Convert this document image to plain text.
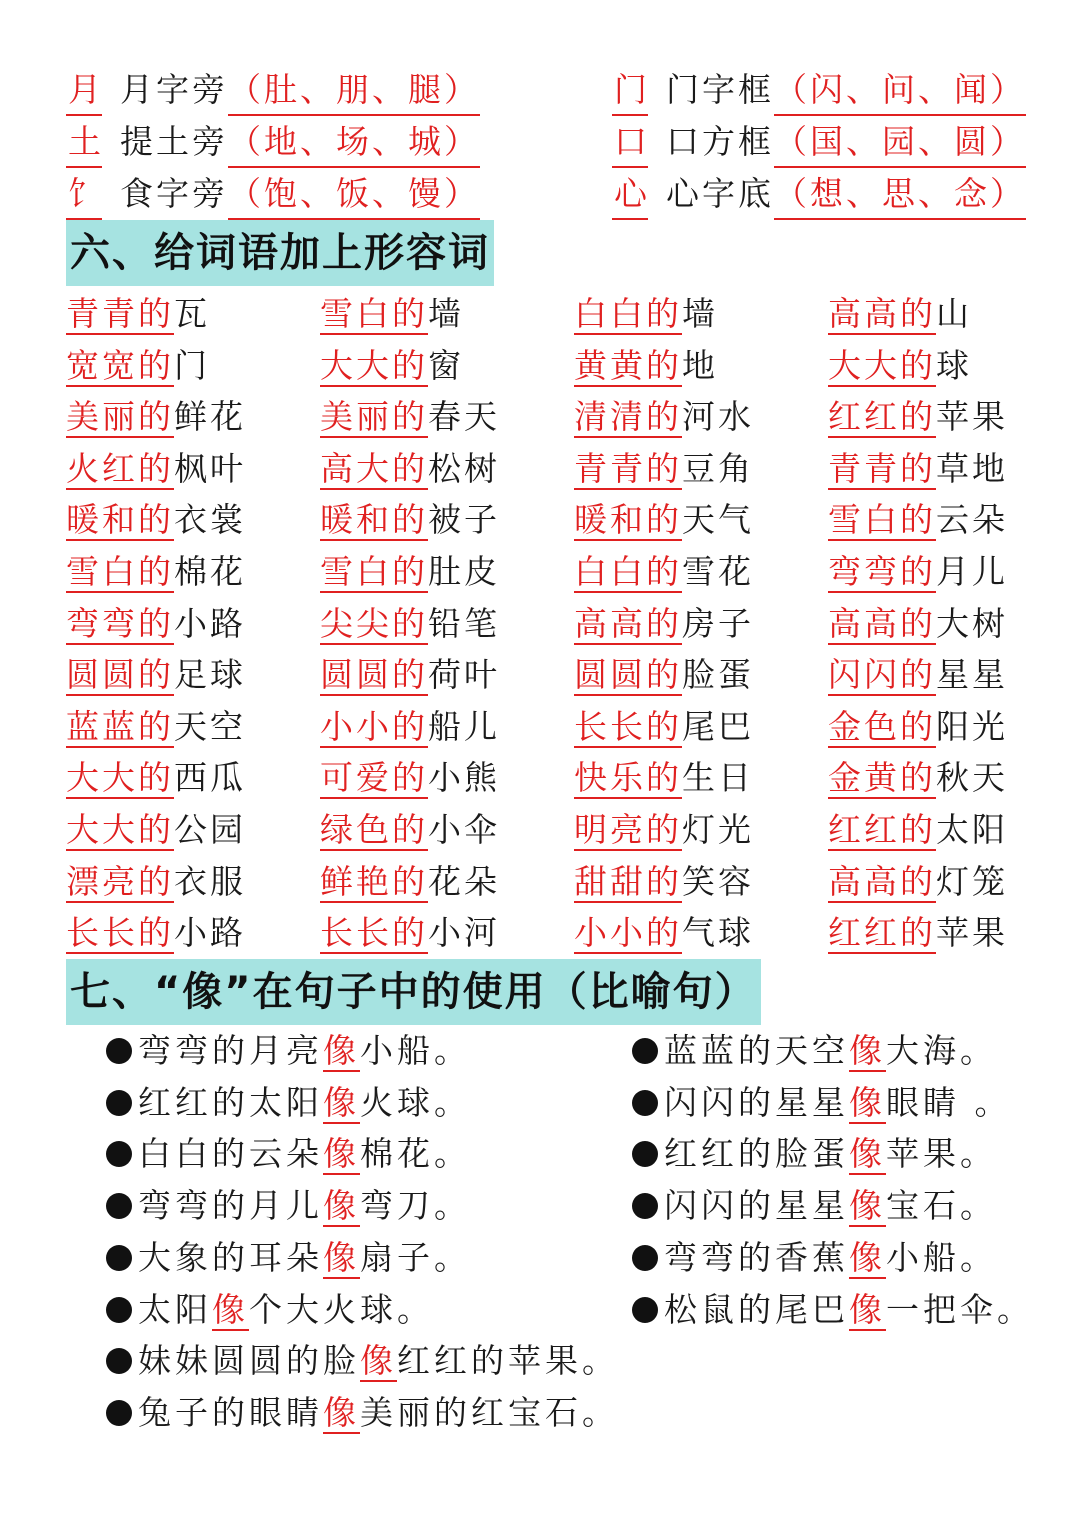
月 月字旁 （肚、朋、腿）
土 提土旁 （地、场、城）
饣 食字旁 （饱、饭、馒）
门 门字框 （闪、问、闻）
口 口方框 （国、园、圆）
心 心字底 （想、思、念）
六、给词语加上形容词
青青的瓦	雪白的墙	白白的墙	高高的山
宽宽的门	大大的窗	黄黄的地	大大的球
美丽的鲜花 美丽的春天 清清的河水 红红的苹果
火红的枫叶 高大的松树 青青的豆角 青青的草地
暖和的衣裳 暖和的被子 暖和的天气 雪白的云朵
雪白的棉花 雪白的肚皮 白白的雪花 弯弯的月儿
弯弯的小路 尖尖的铅笔 高高的房子 高高的大树
圆圆的足球 圆圆的荷叶 圆圆的脸蛋 闪闪的星星
蓝蓝的天空 小小的船儿 长长的尾巴 金色的阳光
大大的西瓜 可爱的小熊 快乐的生日 金黄的秋天
大大的公园 绿色的小伞 明亮的灯光 红红的太阳
漂亮的衣服 鲜艳的花朵 甜甜的笑容 高高的灯笼
长长的小路 长长的小河 小小的气球 红红的苹果
七、“像”在句子中的使用（比喻句）
弯弯的月亮像小船。
红红的太阳像火球。
白白的云朵像棉花。
弯弯的月儿像弯刀。
大象的耳朵像扇子。
太阳像个大火球。
妹妹圆圆的脸像红红的苹果。
兔子的眼睛像美丽的红宝石。
蓝蓝的天空像大海。
闪闪的星星像眼睛 。
红红的脸蛋像苹果。
闪闪的星星像宝石。
弯弯的香蕉像小船。
松鼠的尾巴像一把伞。
